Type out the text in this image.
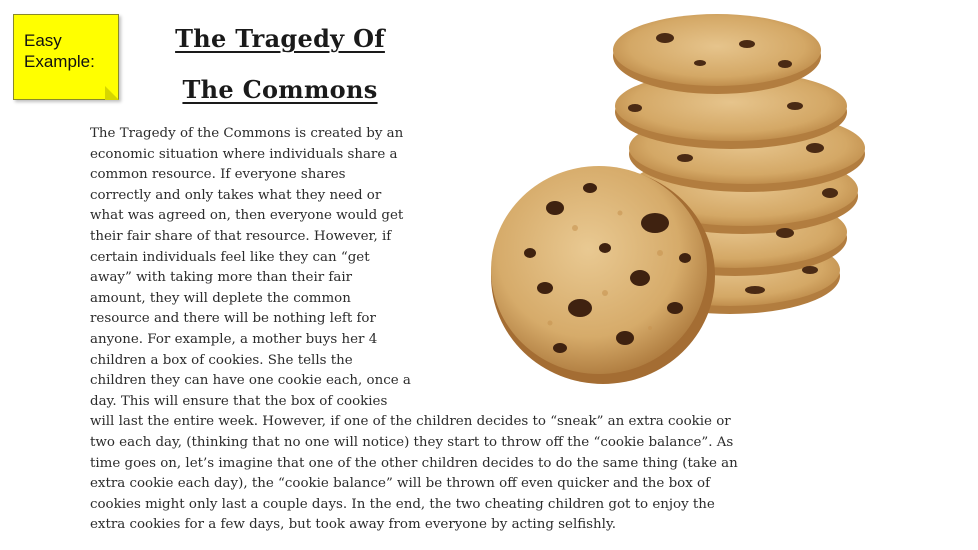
Easy
Example:
The Tragedy Of
The Commons
The Tragedy of the Commons is created by an
economic situation where individuals share a
common resource. If everyone shares
correctly and only takes what they need or
what was agreed on, then everyone would get
their fair share of that resource. However, if
certain individuals feel like they can “get
away” with taking more than their fair
amount, they will deplete the common
resource and there will be nothing left for
anyone. For example, a mother buys her 4
children a box of cookies. She tells the
children they can have one cookie each, once a
day. This will ensure that the box of cookies
will last the entire week. However, if one of the children decides to “sneak” an extra cookie or
two each day, (thinking that no one will notice) they start to throw off the “cookie balance”. As
time goes on, let’s imagine that one of the other children decides to do the same thing (take an
extra cookie each day), the “cookie balance” will be thrown off even quicker and the box of
cookies might only last a couple days. In the end, the two cheating children got to enjoy the
extra cookies for a few days, but took away from everyone by acting selfishly.
